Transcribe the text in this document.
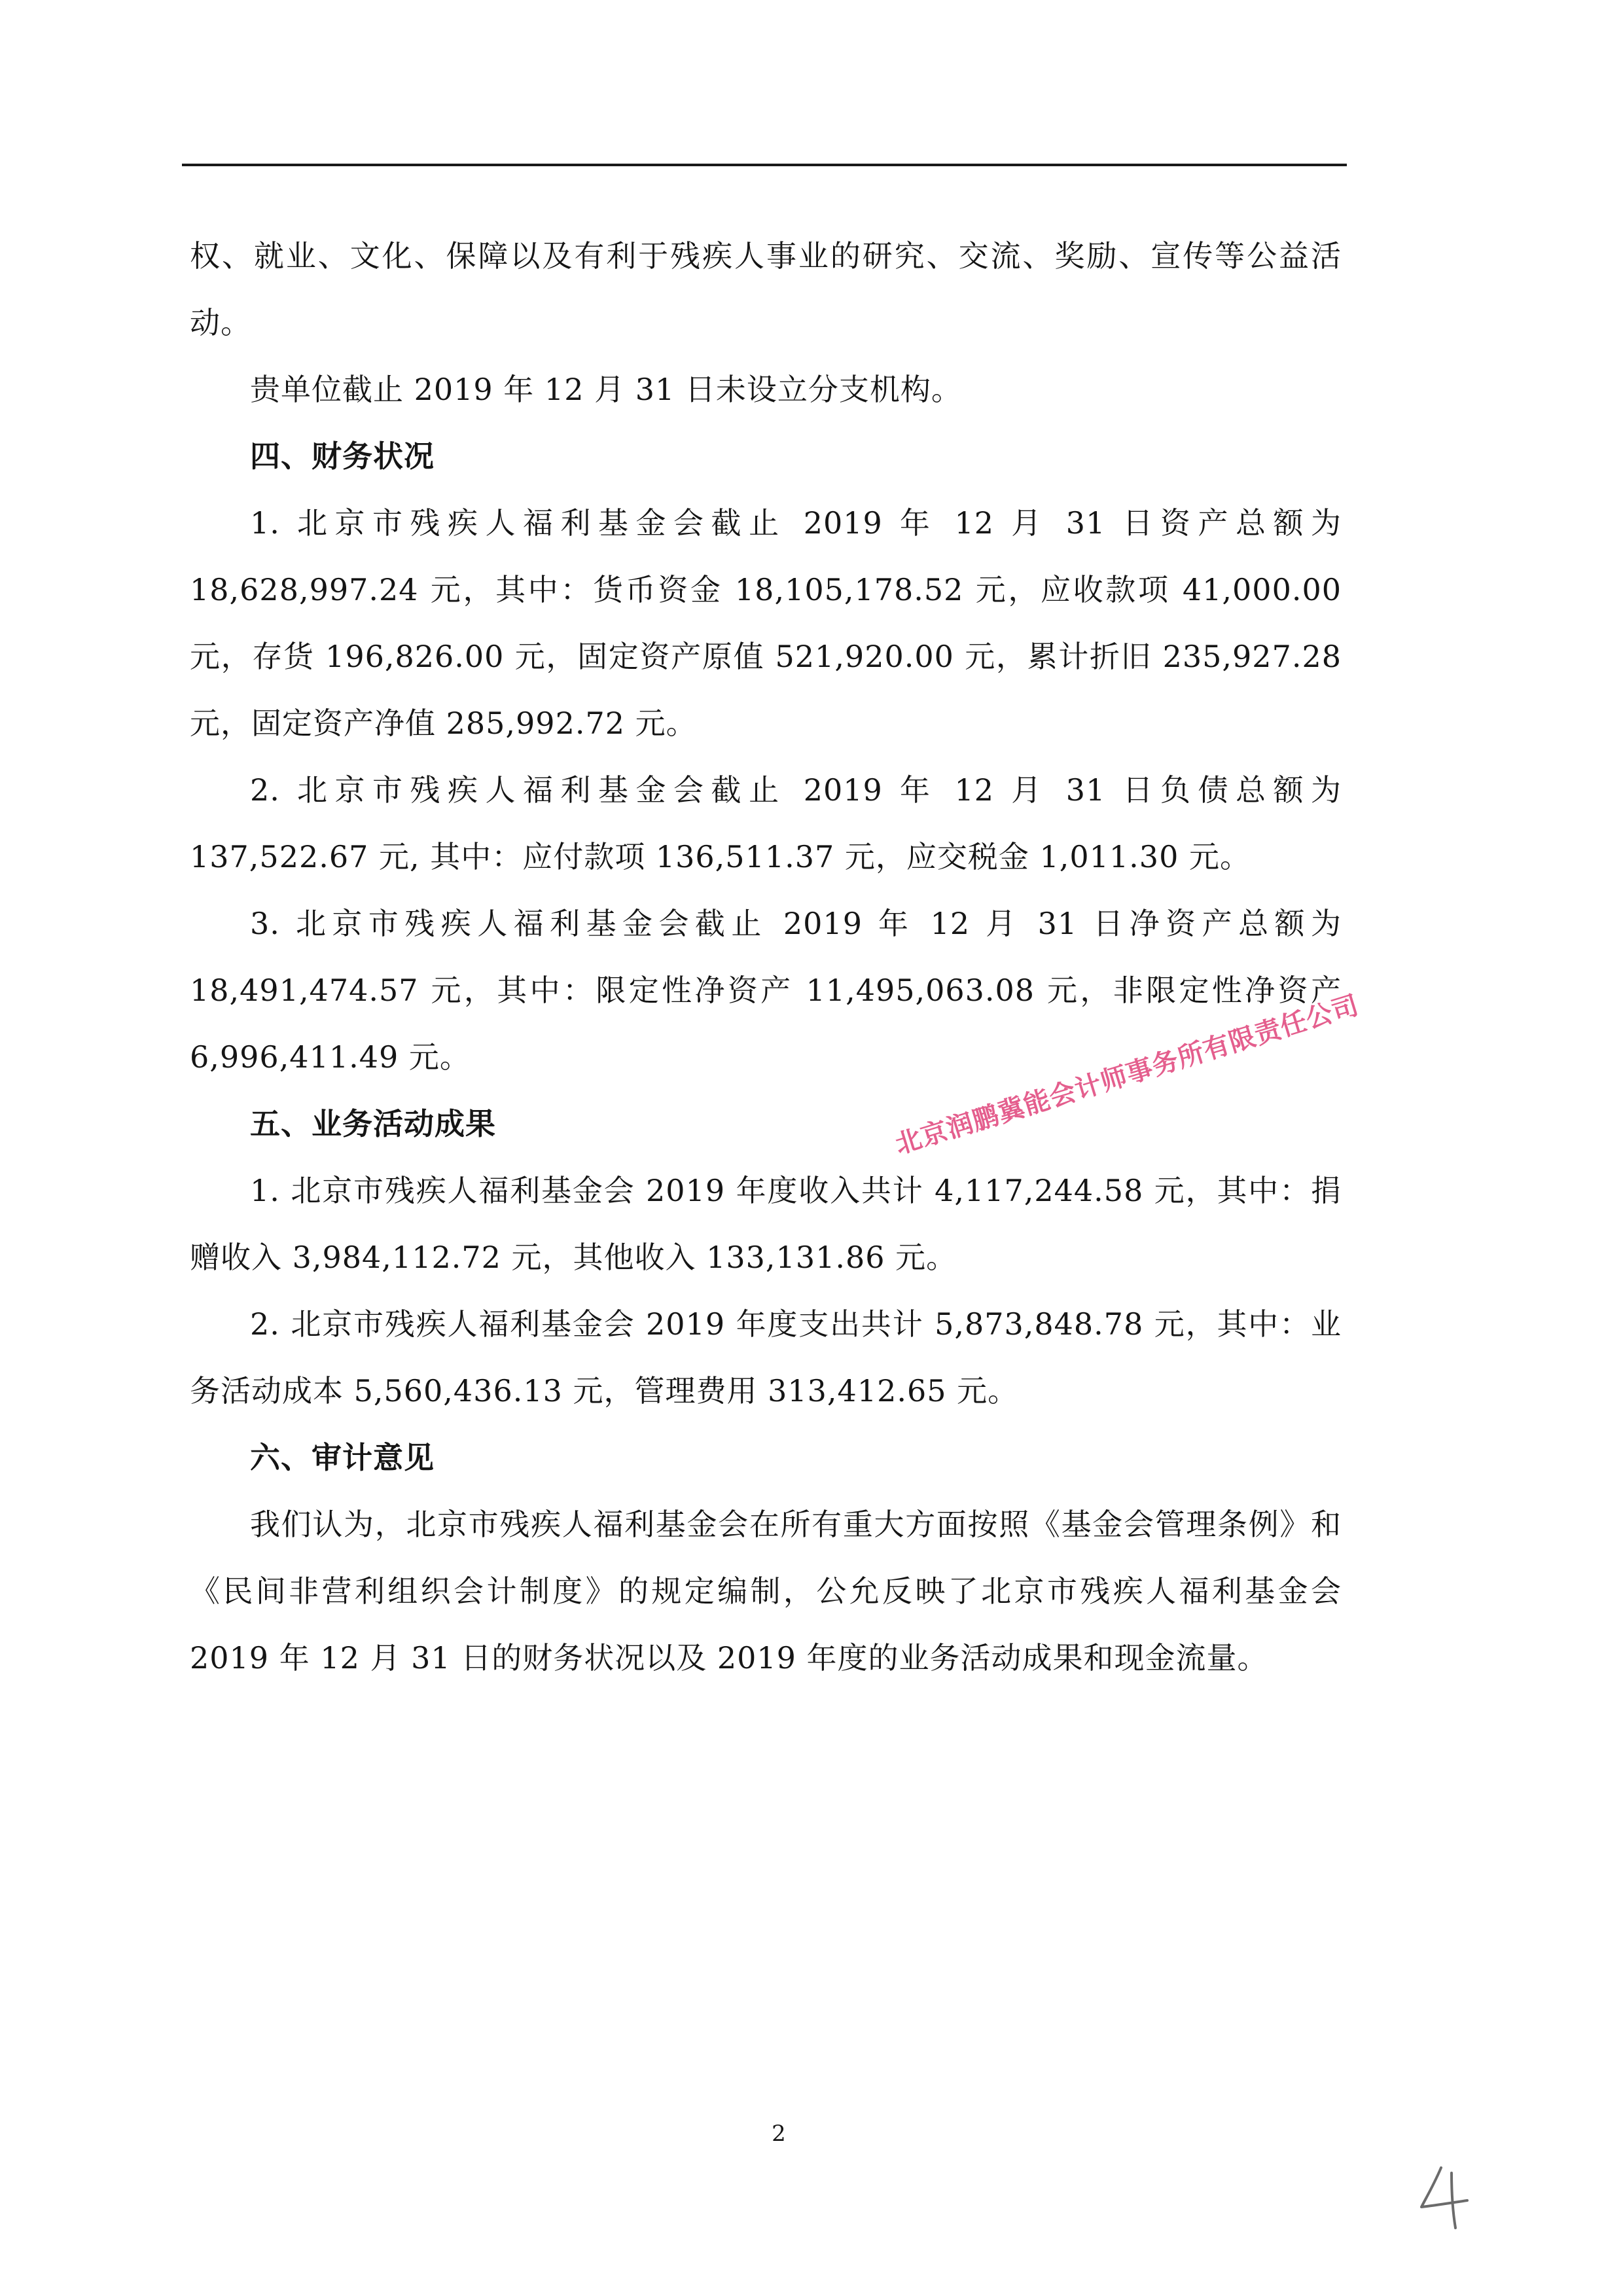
权、就业、文化、保障以及有利于残疾人事业的研究、交流、奖励、宣传等公益活动。

贵单位截止 2019 年 12 月 31 日未设立分支机构。

四、财务状况

1. 北京市残疾人福利基金会截止 2019 年 12 月 31 日资产总额为 18,628,997.24 元，其中：货币资金 18,105,178.52 元，应收款项 41,000.00 元，存货 196,826.00 元，固定资产原值 521,920.00 元，累计折旧 235,927.28 元，固定资产净值 285,992.72 元。

2. 北京市残疾人福利基金会截止 2019 年 12 月 31 日负债总额为 137,522.67 元, 其中：应付款项 136,511.37 元，应交税金 1,011.30 元。

3. 北京市残疾人福利基金会截止 2019 年 12 月 31 日净资产总额为 18,491,474.57 元，其中：限定性净资产 11,495,063.08 元，非限定性净资产 6,996,411.49 元。

五、业务活动成果

1. 北京市残疾人福利基金会 2019 年度收入共计 4,117,244.58 元，其中：捐赠收入 3,984,112.72 元，其他收入 133,131.86 元。

2. 北京市残疾人福利基金会 2019 年度支出共计 5,873,848.78 元，其中：业务活动成本 5,560,436.13 元，管理费用 313,412.65 元。

六、审计意见

我们认为，北京市残疾人福利基金会在所有重大方面按照《基金会管理条例》和《民间非营利组织会计制度》的规定编制，公允反映了北京市残疾人福利基金会 2019 年 12 月 31 日的财务状况以及 2019 年度的业务活动成果和现金流量。

北京润鹏冀能会计师事务所有限责任公司
2
